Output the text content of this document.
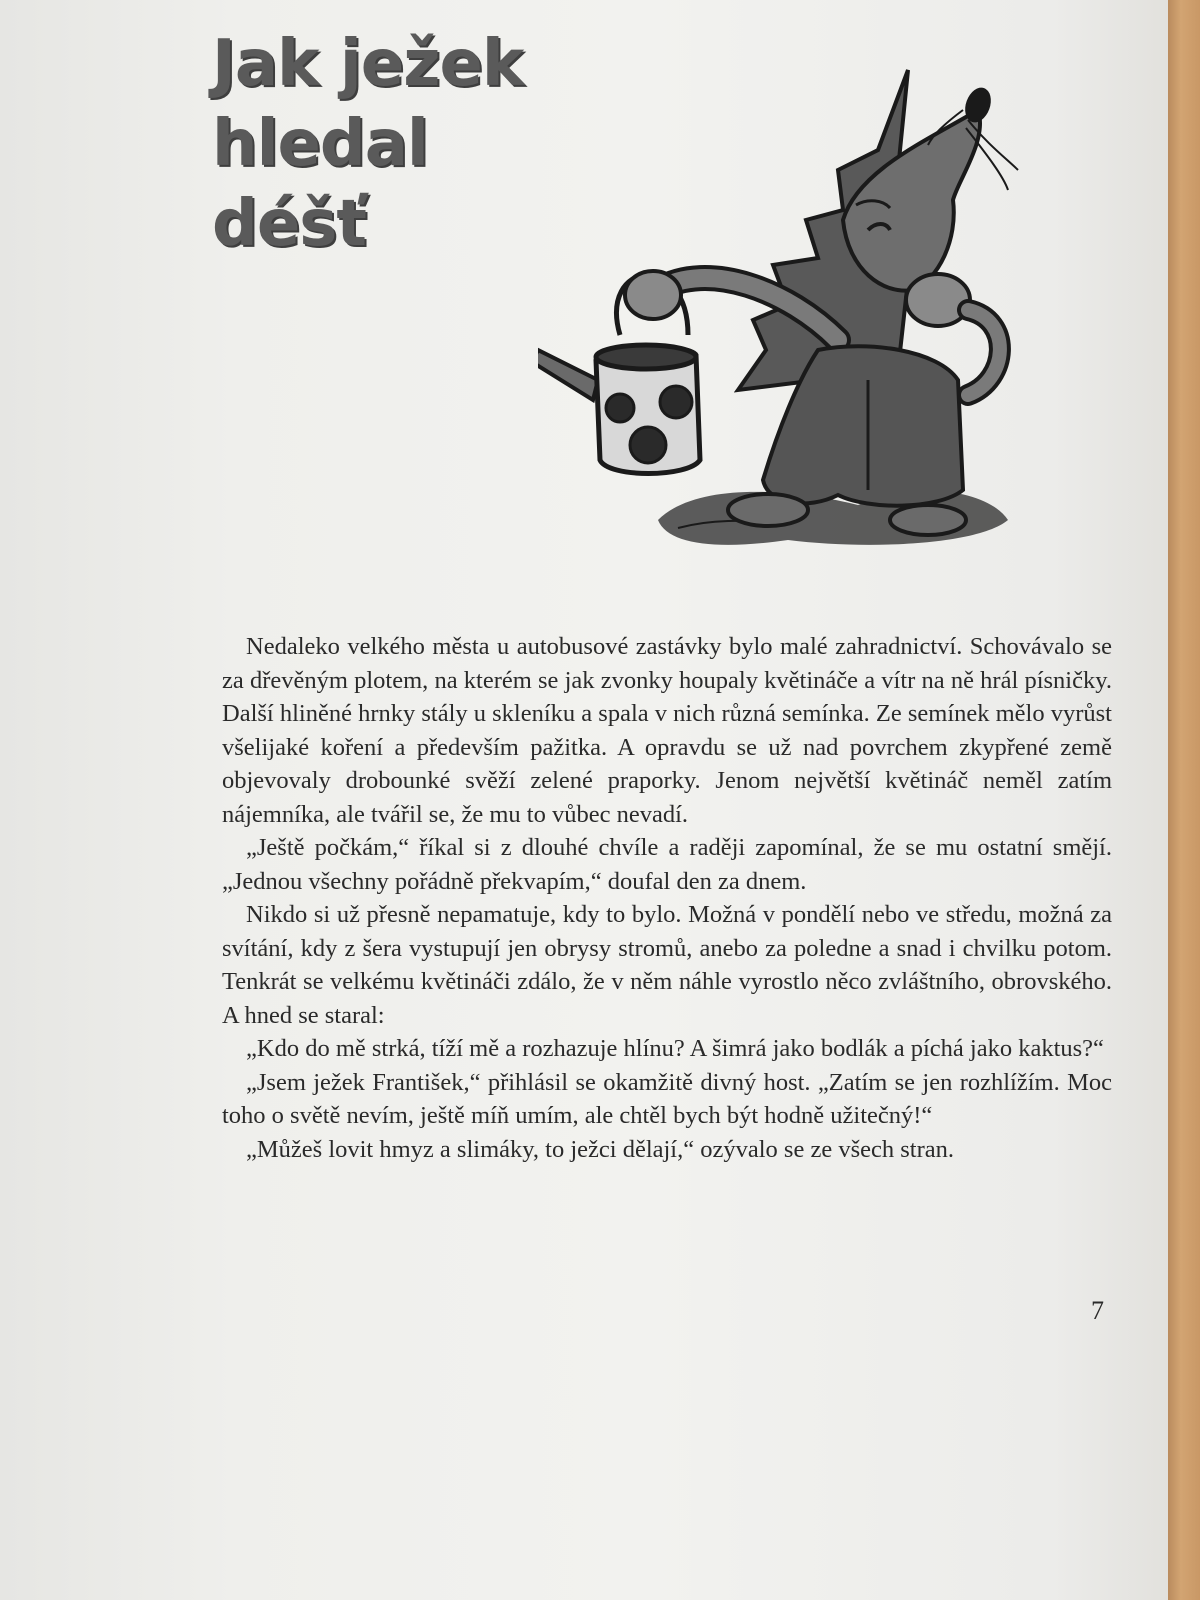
Jak ježek
hledal
déšť

Nedaleko velkého města u autobusové zastávky bylo malé zahradnictví. Schovávalo se za dřevěným plotem, na kterém se jak zvonky houpaly květináče a vítr na ně hrál písničky. Další hliněné hrnky stály u skleníku a spala v nich různá semínka. Ze semínek mělo vyrůst všelijaké koření a především pažitka. A opravdu se už nad povrchem zkypřené země objevovaly drobounké svěží zelené praporky. Jenom největší květináč neměl zatím nájemníka, ale tvářil se, že mu to vůbec nevadí.

„Ještě počkám,“ říkal si z dlouhé chvíle a raději zapomínal, že se mu ostatní smějí. „Jednou všechny pořádně překvapím,“ doufal den za dnem.

Nikdo si už přesně nepamatuje, kdy to bylo. Možná v pondělí nebo ve středu, možná za svítání, kdy z šera vystupují jen obrysy stromů, anebo za poledne a snad i chvilku potom. Tenkrát se velkému květináči zdálo, že v něm náhle vyrostlo něco zvláštního, obrovského. A hned se staral:

„Kdo do mě strká, tíží mě a rozhazuje hlínu? A šimrá jako bodlák a píchá jako kaktus?“

„Jsem ježek František,“ přihlásil se okamžitě divný host. „Zatím se jen rozhlížím. Moc toho o světě nevím, ještě míň umím, ale chtěl bych být hodně užitečný!“

„Můžeš lovit hmyz a slimáky, to ježci dělají,“ ozývalo se ze všech stran.

7
